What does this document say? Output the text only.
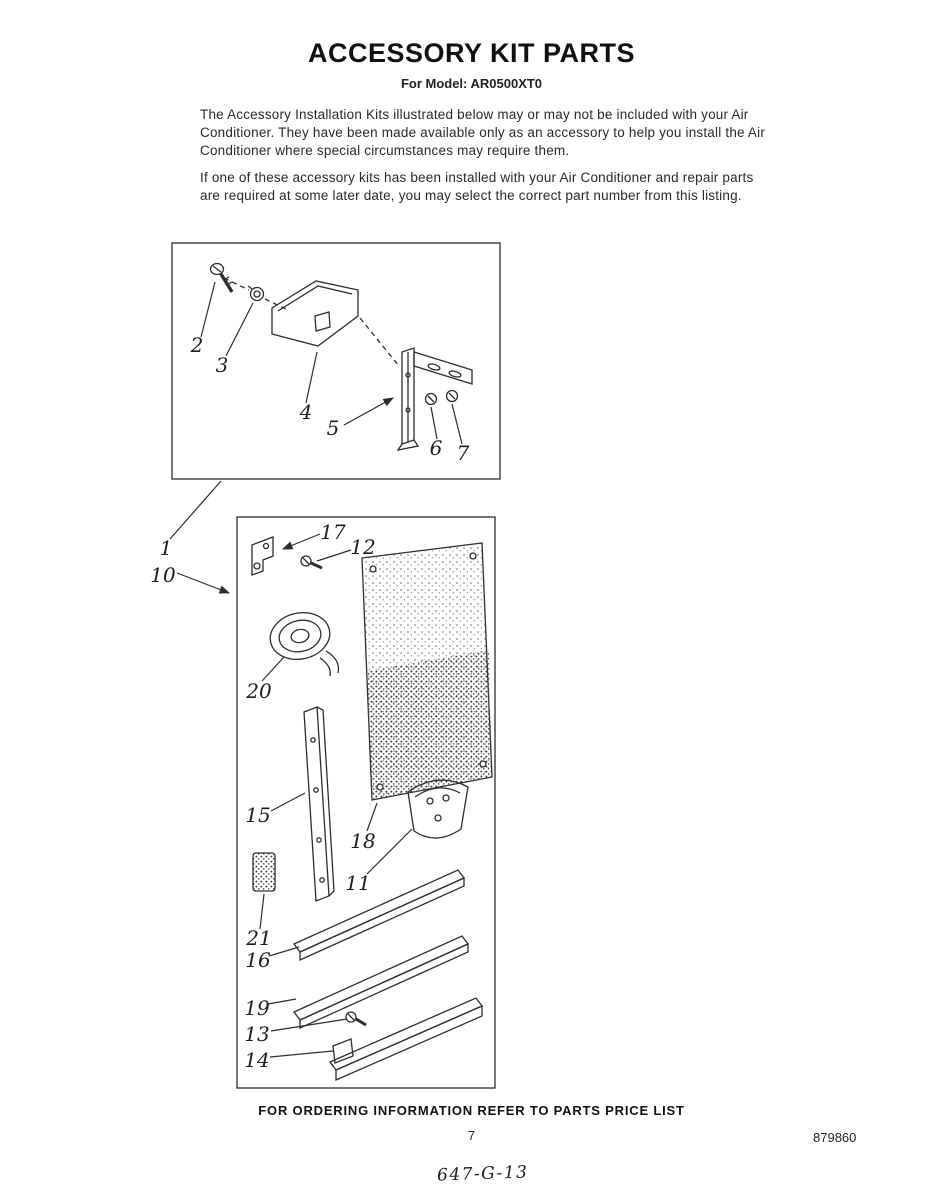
ACCESSORY KIT PARTS
For Model: AR0500XT0

The Accessory Installation Kits illustrated below may or may not be included with your Air Conditioner. They have been made available only as an accessory to help you install the Air Conditioner where special circumstances may require them.

If one of these accessory kits has been installed with your Air Conditioner and repair parts are required at some later date, you may select the correct part number from this listing.

2
3
4
5
6 7
1
10
17
12
20
15
18
11
21
16
19
13
14
FOR ORDERING INFORMATION REFER TO PARTS PRICE LIST
7	879860
647-G-13
